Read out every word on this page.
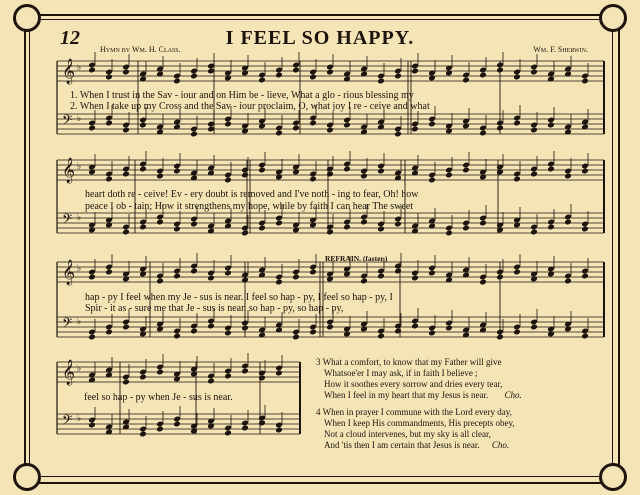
12	I FEEL SO HAPPY.
Hymn by Wm. H. Class.	Wm. F. Sherwin.
𝄞 ♭
𝄢 ♭
𝄞 ♭
𝄢 ♭
𝄞 ♭
𝄢 ♭
𝄞 ♭
𝄢 ♭
1. When I trust in the Sav - iour and on Him be - lieve, What a glo - rious blessing my
2. When I take up my Cross and the Sav - iour proclaim, O, what joy I re - ceive and what
heart doth re - ceive! Ev - ery doubt is removed and I've noth - ing to fear, Oh! how
peace I ob - tain; How it strengthens my hope, while by faith I can hear The sweet
REFRAIN. (faster.)
hap - py I feel when my Je - sus is near. I feel so hap - py, I feel so hap - py, I
Spir - it as - sure me that Je - sus is near. so hap - py, so hap - py,
feel so hap - py when Je - sus is near.
3 What a comfort, to know that my Father will give
Whatsoe'er I may ask, if in faith I believe ;
How it soothes every sorrow and dries every tear,
When I feel in my heart that my Jesus is near. Cho.
4 When in prayer I commune with the Lord every day,
When I keep His commandments, His precepts obey,
Not a cloud intervenes, but my sky is all clear,
And 'tis then I am certain that Jesus is near. Cho.
